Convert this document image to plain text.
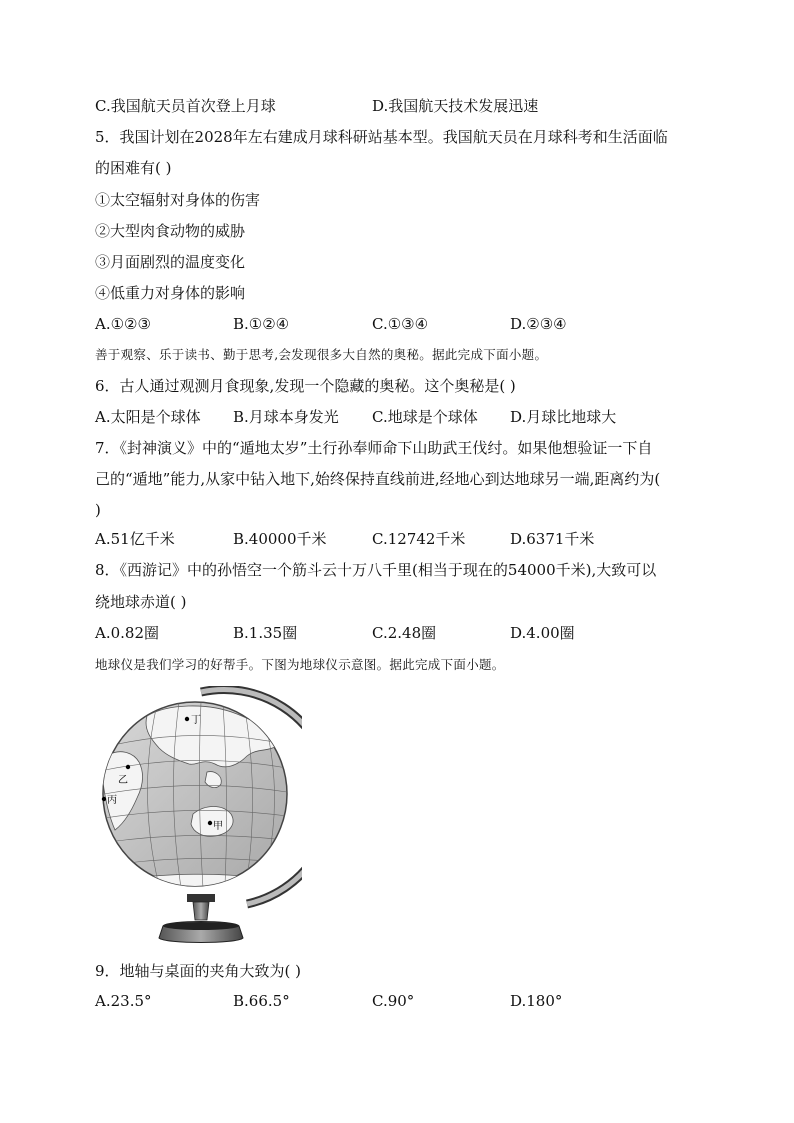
C.我国航天员首次登上月球	D.我国航天技术发展迅速
5．我国计划在2028年左右建成月球科研站基本型。我国航天员在月球科考和生活面临
的困难有( )
①太空辐射对身体的伤害
②大型肉食动物的威胁
③月面剧烈的温度变化
④低重力对身体的影响
A.①②③	B.①②④	C.①③④	D.②③④
善于观察、乐于读书、勤于思考,会发现很多大自然的奥秘。据此完成下面小题。
6．古人通过观测月食现象,发现一个隐藏的奥秘。这个奥秘是( )
A.太阳是个球体 B.月球本身发光 C.地球是个球体 D.月球比地球大
7．《封神演义》中的“遁地太岁”土行孙奉师命下山助武王伐纣。如果他想验证一下自
己的“遁地”能力,从家中钻入地下,始终保持直线前进,经地心到达地球另一端,距离约为(
)
A.51亿千米	B.40000千米	C.12742千米	D.6371千米
8．《西游记》中的孙悟空一个筋斗云十万八千里(相当于现在的54000千米),大致可以
绕地球赤道( )
A.0.82圈	B.1.35圈	C.2.48圈	D.4.00圈
地球仪是我们学习的好帮手。下图为地球仪示意图。据此完成下面小题。
丁
乙
丙
甲
9．地轴与桌面的夹角大致为( )
A.23.5°	B.66.5°	C.90°	D.180°
